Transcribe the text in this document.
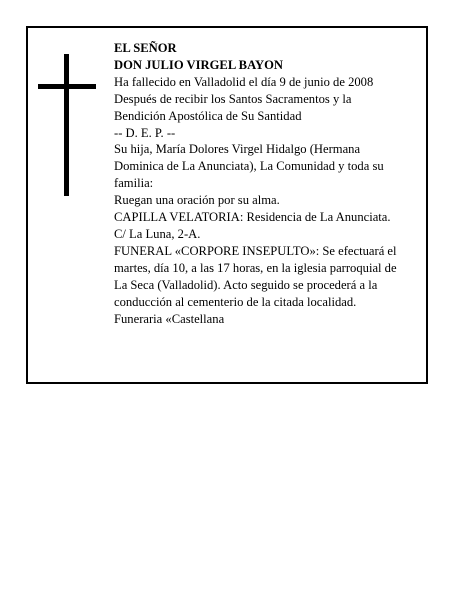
EL SEÑOR
DON JULIO VIRGEL BAYON
Ha fallecido en Valladolid el día 9 de junio de 2008
Después de recibir los Santos Sacramentos y la
Bendición Apostólica de Su Santidad
-- D. E. P. --
Su hija, María Dolores Virgel Hidalgo (Hermana
Dominica de La Anunciata), La Comunidad y toda su
familia:
Ruegan una oración por su alma.
CAPILLA VELATORIA: Residencia de La Anunciata.
C/ La Luna, 2-A.
FUNERAL «CORPORE INSEPULTO»: Se efectuará el
martes, día 10, a las 17 horas, en la iglesia parroquial de
La Seca (Valladolid). Acto seguido se procederá a la
conducción al cementerio de la citada localidad.
Funeraria «Castellana
